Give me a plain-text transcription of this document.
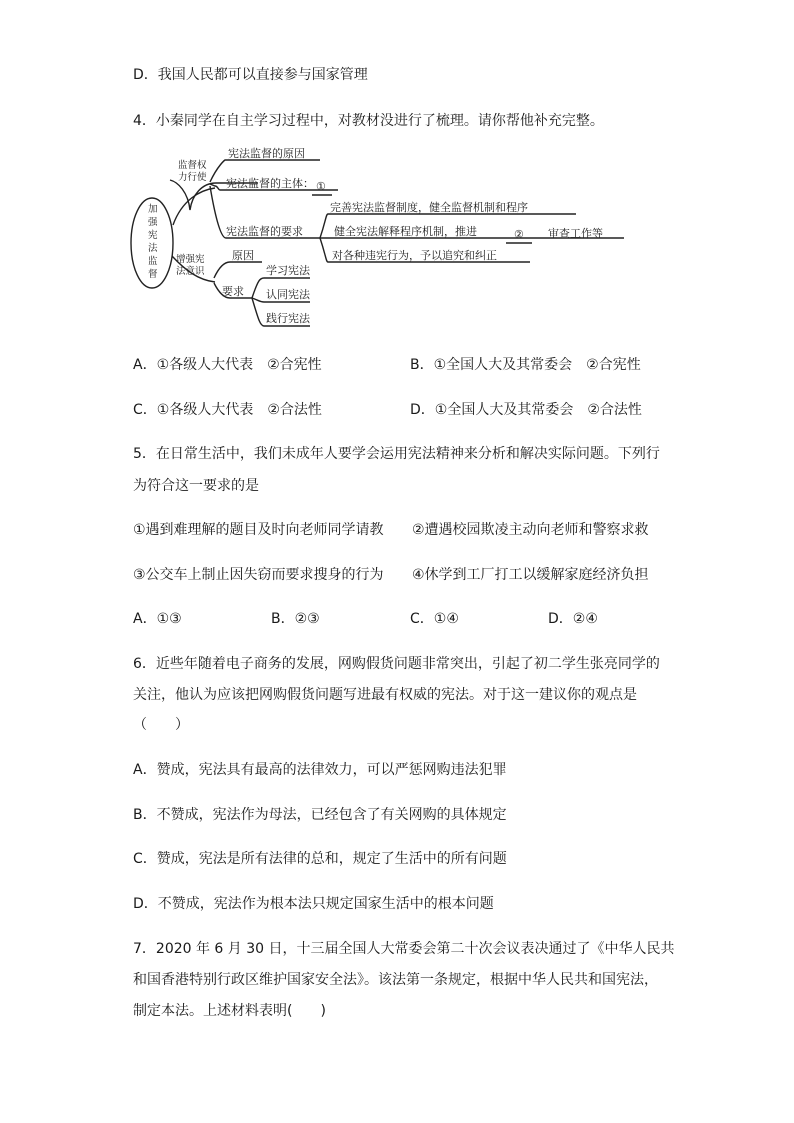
D．我国人民都可以直接参与国家管理
4．小秦同学在自主学习过程中，对教材没进行了梳理。请你帮他补充完整。
加
强
宪
法
监
督
监督权
力行使
增强宪
法意识
宪法监督的原因
宪法监督的主体： ①
宪法监督的要求
完善宪法监督制度，健全监督机制和程序
健全宪法解释程序机制，推进	② 审查工作等
对各种违宪行为，予以追究和纠正
原因
要求
学习宪法
认同宪法
践行宪法
A．①各级人大代表　②合宪性	B．①全国人大及其常委会　②合宪性
C．①各级人大代表　②合法性	D．①全国人大及其常委会　②合法性
5．在日常生活中，我们未成年人要学会运用宪法精神来分析和解决实际问题。下列行
为符合这一要求的是
①遇到难理解的题目及时向老师同学请教 ②遭遇校园欺凌主动向老师和警察求救
③公交车上制止因失窃而要求搜身的行为 ④休学到工厂打工以缓解家庭经济负担
A．①③	B．②③	C．①④	D．②④
6．近些年随着电子商务的发展，网购假货问题非常突出，引起了初二学生张亮同学的
关注，他认为应该把网购假货问题写进最有权威的宪法。对于这一建议你的观点是
（　　）
A．赞成，宪法具有最高的法律效力，可以严惩网购违法犯罪
B．不赞成，宪法作为母法，已经包含了有关网购的具体规定
C．赞成，宪法是所有法律的总和，规定了生活中的所有问题
D．不赞成，宪法作为根本法只规定国家生活中的根本问题
7．2020 年 6 月 30 日，十三届全国人大常委会第二十次会议表决通过了《中华人民共
和国香港特别行政区维护国家安全法》。该法第一条规定，根据中华人民共和国宪法，
制定本法。上述材料表明(　　)
